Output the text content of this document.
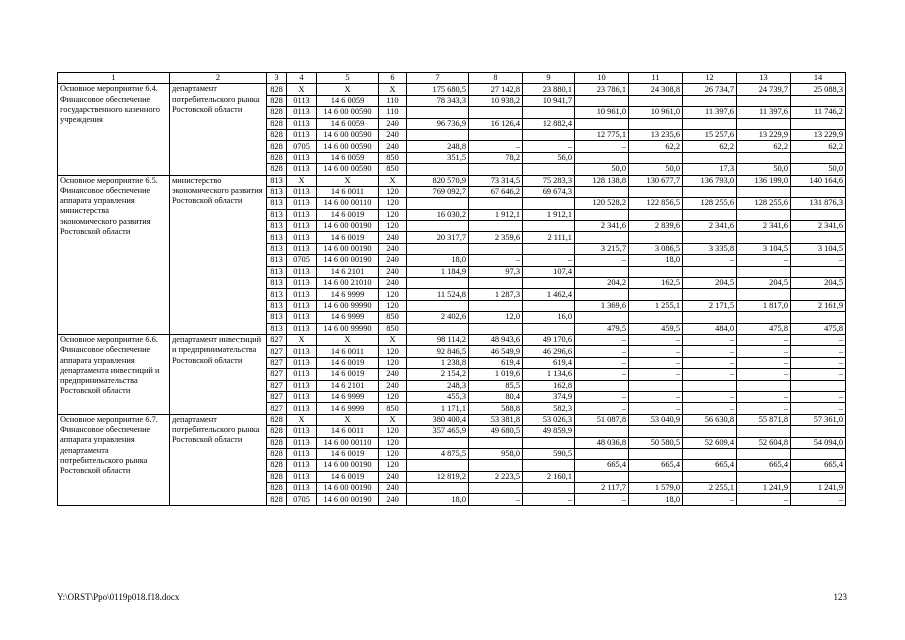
1	2	3	4	5	6	7	8	9	10	11	12	13	14
Основное мероприятие 6.4. Финансовое обеспечение государственного казенного учреждения	департамент потребительского рынка Ростовской области	828	X	X	X	175 680,5	27 142,8	23 880,1	23 786,1	24 308,8	26 734,7	24 739,7	25 088,3
		828	0113	14 6 0059	110	78 343,3	10 938,2	10 941,7					
		828	0113	14 6 00 00590	110				10 961,0	10 961,0	11 397,6	11 397,6	11 746,2
		828	0113	14 6 0059	240	96 736,9	16 126,4	12 882,4					
		828	0113	14 6 00 00590	240				12 775,1	13 235,6	15 257,6	13 229,9	13 229,9
		828	0705	14 6 00 00590	240	248,8	–	–	–	62,2	62,2	62,2	62,2
		828	0113	14 6 0059	850	351,5	78,2	56,0					
		828	0113	14 6 00 00590	850				50,0	50,0	17,3	50,0	50,0
Основное мероприятие 6.5. Финансовое обеспечение аппарата управления министерства экономического развития Ростовской области	министерство экономического развития Ростовской области	813	X	X	X	820 570,9	73 314,5	75 283,3	128 138,8	130 677,7	136 793,0	136 199,0	140 164,6
		813	0113	14 6 0011	120	769 092,7	67 646,2	69 674,3					
		813	0113	14 6 00 00110	120				120 528,2	122 856,5	128 255,6	128 255,6	131 876,3
		813	0113	14 6 0019	120	16 030,2	1 912,1	1 912,1					
		813	0113	14 6 00 00190	120				2 341,6	2 839,6	2 341,6	2 341,6	2 341,6
		813	0113	14 6 0019	240	20 317,7	2 359,6	2 111,1					
		813	0113	14 6 00 00190	240				3 215,7	3 086,5	3 335,8	3 104,5	3 104,5
		813	0705	14 6 00 00190	240	18,0	–	–	–	18,0	–	–	–
		813	0113	14 6 2101	240	1 184,9	97,3	107,4					
		813	0113	14 6 00 21010	240				204,2	162,5	204,5	204,5	204,5
		813	0113	14 6 9999	120	11 524,8	1 287,3	1 462,4					
		813	0113	14 6 00 99990	120				1 369,6	1 255,1	2 171,5	1 817,0	2 161,9
		813	0113	14 6 9999	850	2 402,6	12,0	16,0					
		813	0113	14 6 00 99990	850				479,5	459,5	484,0	475,8	475,8
Основное мероприятие 6.6. Финансовое обеспечение аппарата управления департамента инвестиций и предпринимательства Ростовской области	департамент инвестиций и предпринимательства Ростовской области	827	X	X	X	98 114,2	48 943,6	49 170,6	–	–	–	–	–
		827	0113	14 6 0011	120	92 846,5	46 549,9	46 296,6	–	–	–	–	–
		827	0113	14 6 0019	120	1 238,8	619,4	619,4	–	–	–	–	–
		827	0113	14 6 0019	240	2 154,2	1 019,6	1 134,6	–	–	–	–	–
		827	0113	14 6 2101	240	248,3	85,5	162,8					
		827	0113	14 6 9999	120	455,3	80,4	374,9	–	–	–	–	–
		827	0113	14 6 9999	850	1 171,1	588,8	582,3	–	–	–	–	–
Основное мероприятие 6.7. Финансовое обеспечение аппарата управления департамента потребительского рынка Ростовской области	департамент потребительского рынка Ростовской области	828	X	X	X	380 400,4	53 381,8	53 026,3	51 087,8	53 040,9	56 630,8	55 871,8	57 361,0
		828	0113	14 6 0011	120	357 465,9	49 680,5	49 859,9					
		828	0113	14 6 00 00110	120				48 036,8	50 580,5	52 609,4	52 604,8	54 094,0
		828	0113	14 6 0019	120	4 875,5	958,0	590,5					
		828	0113	14 6 00 00190	120				665,4	665,4	665,4	665,4	665,4
		828	0113	14 6 0019	240	12 819,2	2 223,5	2 160,1					
		828	0113	14 6 00 00190	240				2 117,7	1 579,0	2 255,1	1 241,9	1 241,9
		828	0705	14 6 00 00190	240	18,0	–	–	–	18,0	–	–	–
Y:\ORST\Ppo\0119p018.f18.docx	123
